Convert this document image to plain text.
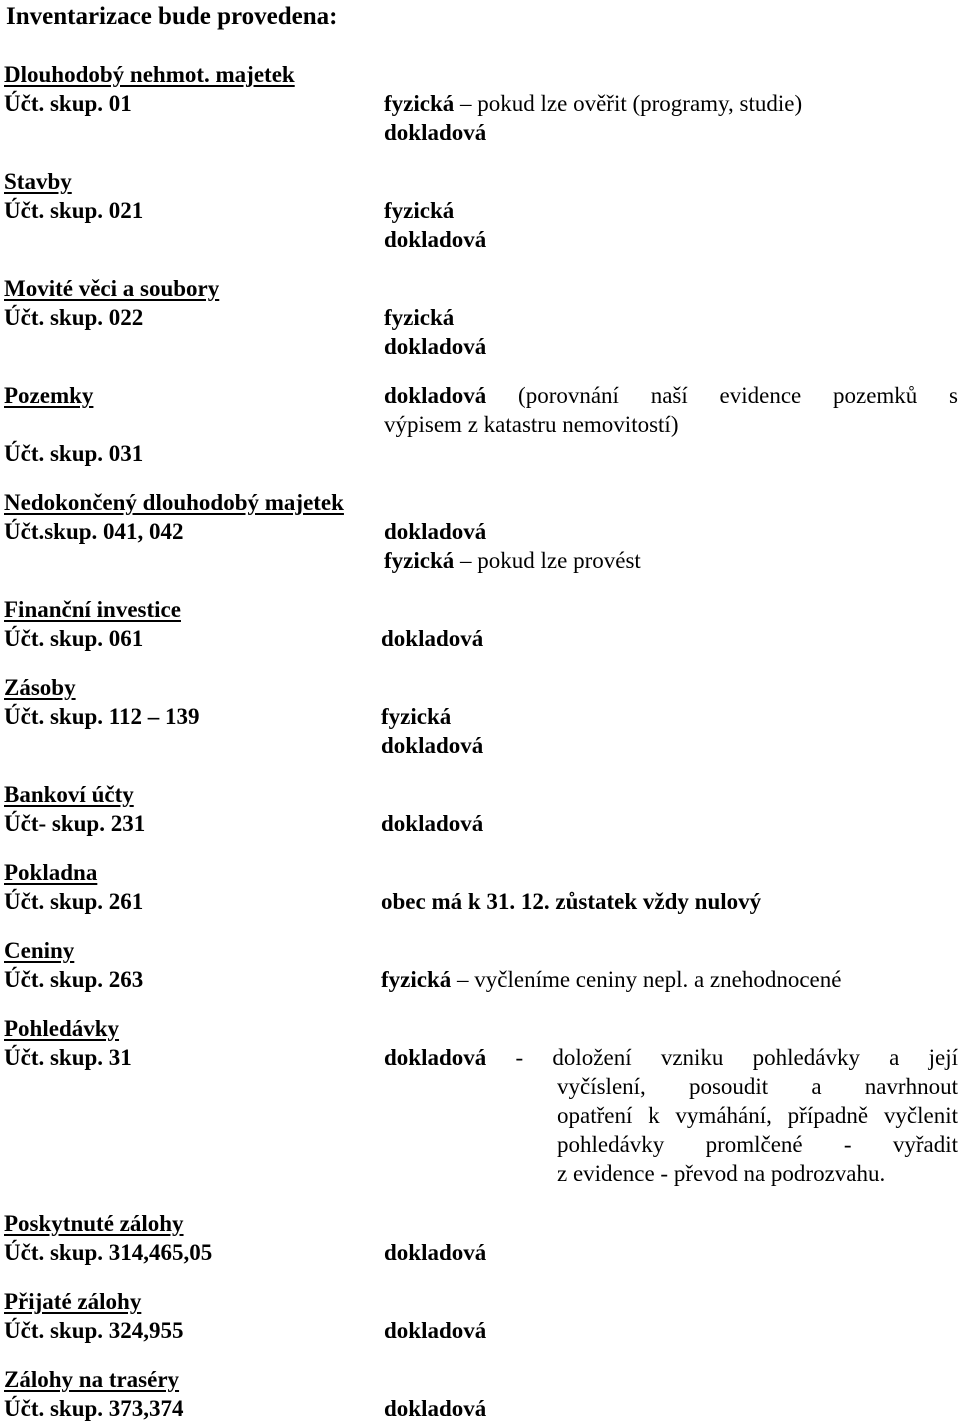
Inventarizace bude provedena:
Dlouhodobý nehmot. majetek
Účt. skup. 01	fyzická – pokud lze ověřit (programy, studie)
dokladová
Stavby
Účt. skup. 021	fyzická
dokladová
Movité věci a soubory
Účt. skup. 022	fyzická
dokladová
Pozemky	dokladová (porovnání naší evidence pozemků s
výpisem z katastru nemovitostí)
Účt. skup. 031
Nedokončený dlouhodobý majetek
Účt.skup. 041, 042	dokladová
fyzická – pokud lze provést
Finanční investice
Účt. skup. 061	dokladová
Zásoby
Účt. skup. 112 – 139	fyzická
dokladová
Bankoví účty
Účt- skup. 231	dokladová
Pokladna
Účt. skup. 261	obec má k 31. 12. zůstatek vždy nulový
Ceniny
Účt. skup. 263	fyzická – vyčleníme ceniny nepl. a znehodnocené
Pohledávky
Účt. skup. 31	dokladová - doložení vzniku pohledávky a její
vyčíslení, posoudit a navrhnout
opatření k vymáhání, případně vyčlenit
pohledávky promlčené - vyřadit
z evidence - převod na podrozvahu.
Poskytnuté zálohy
Účt. skup. 314,465,05	dokladová
Přijaté zálohy
Účt. skup. 324,955	dokladová
Zálohy na traséry
Účt. skup. 373,374	dokladová
